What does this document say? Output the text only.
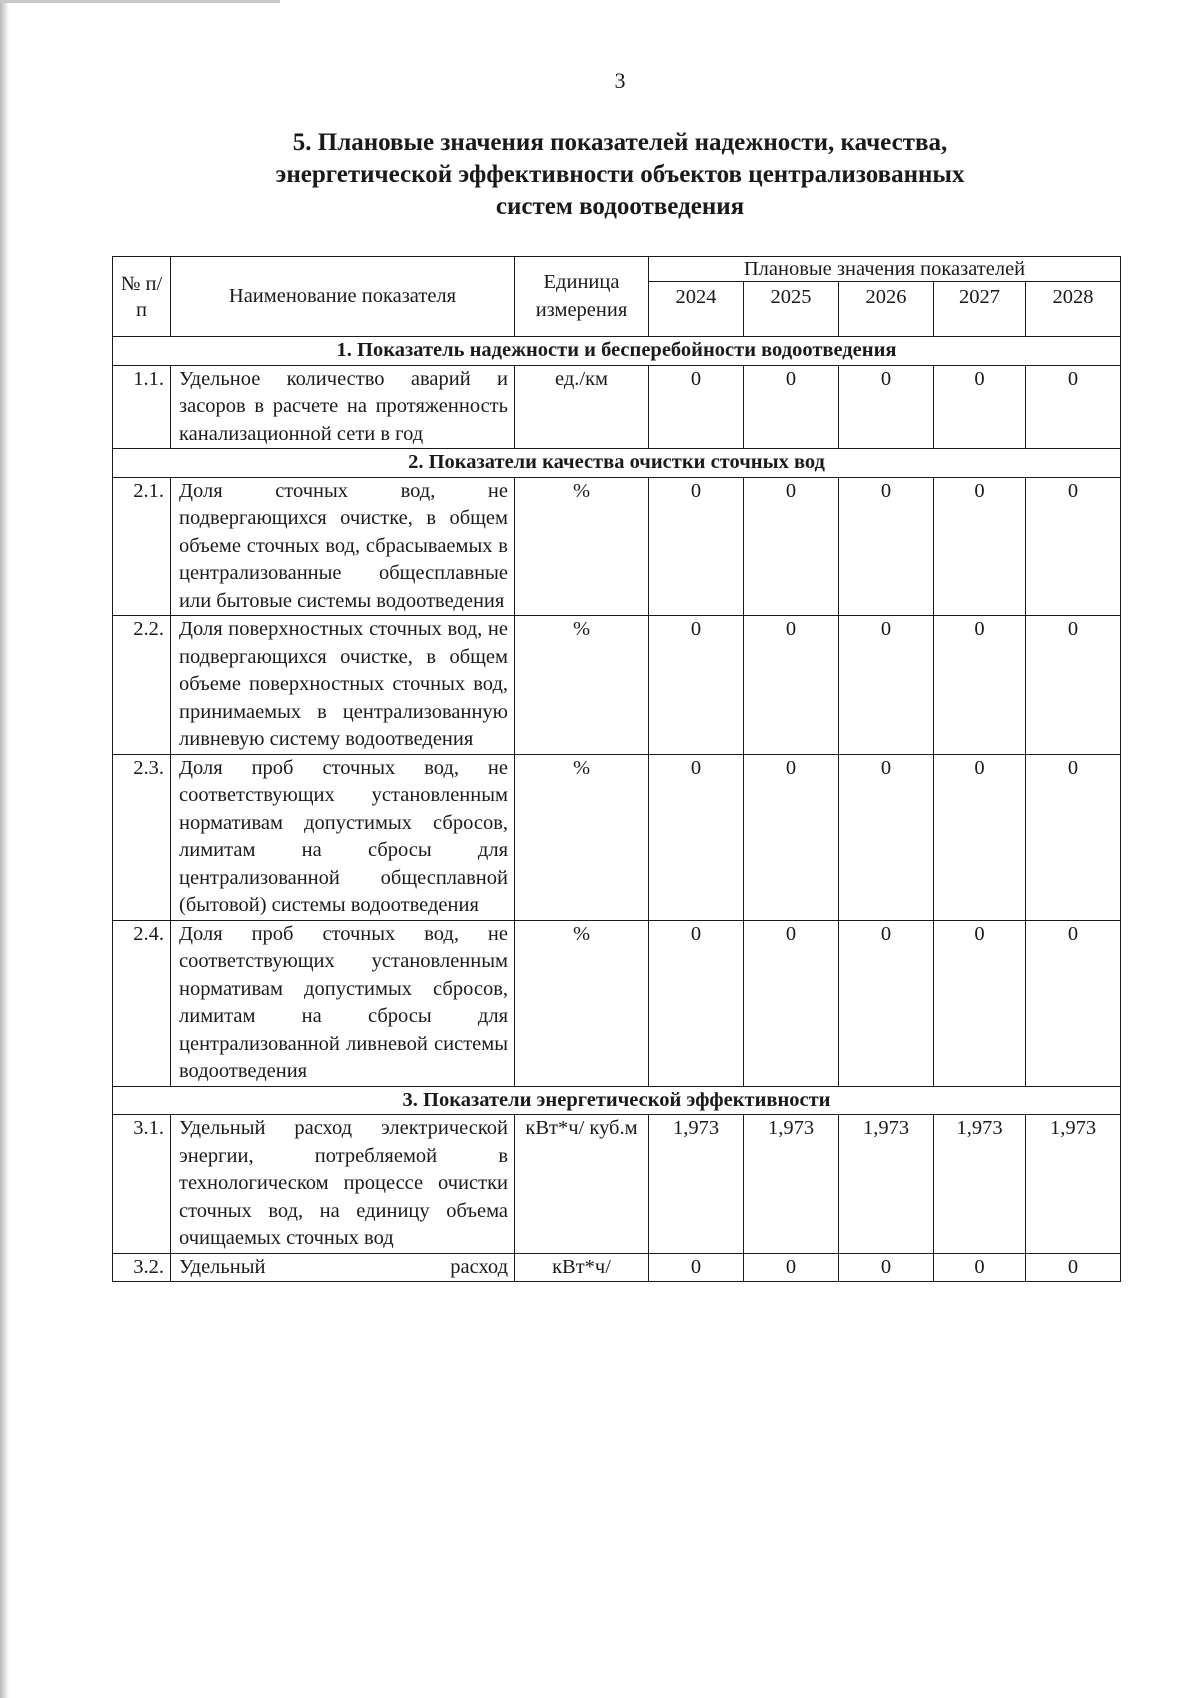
3
5. Плановые значения показателей надежности, качества,
энергетической эффективности объектов централизованных
систем водоотведения
№ п/п	Наименование показателя	Единица измерения	Плановые значения показателей				
			2024	2025	2026	2027	2028
1. Показатель надежности и бесперебойности водоотведения							
1.1.	Удельное количество аварий и засоров в расчете на протяженность канализационной сети в год	ед./км	0	0	0	0	0
2. Показатели качества очистки сточных вод							
2.1.	Доля сточных вод, не подвергающихся очистке, в общем объеме сточных вод, сбрасываемых в централизованные общесплавные или бытовые системы водоотведения	%	0	0	0	0	0
2.2.	Доля поверхностных сточных вод, не подвергающихся очистке, в общем объеме поверхностных сточных вод, принимаемых в централизованную ливневую систему водоотведения	%	0	0	0	0	0
2.3.	Доля проб сточных вод, не соответствующих установленным нормативам допустимых сбросов, лимитам на сбросы для централизованной общесплавной (бытовой) системы водоотведения	%	0	0	0	0	0
2.4.	Доля проб сточных вод, не соответствующих установленным нормативам допустимых сбросов, лимитам на сбросы для централизованной ливневой системы водоотведения	%	0	0	0	0	0
3. Показатели энергетической эффективности							
3.1.	Удельный расход электрической энергии, потребляемой в технологическом процессе очистки сточных вод, на единицу объема очищаемых сточных вод	кВт*ч/ куб.м	1,973	1,973	1,973	1,973	1,973
3.2.	Удельный расход	кВт*ч/	0	0	0	0	0
